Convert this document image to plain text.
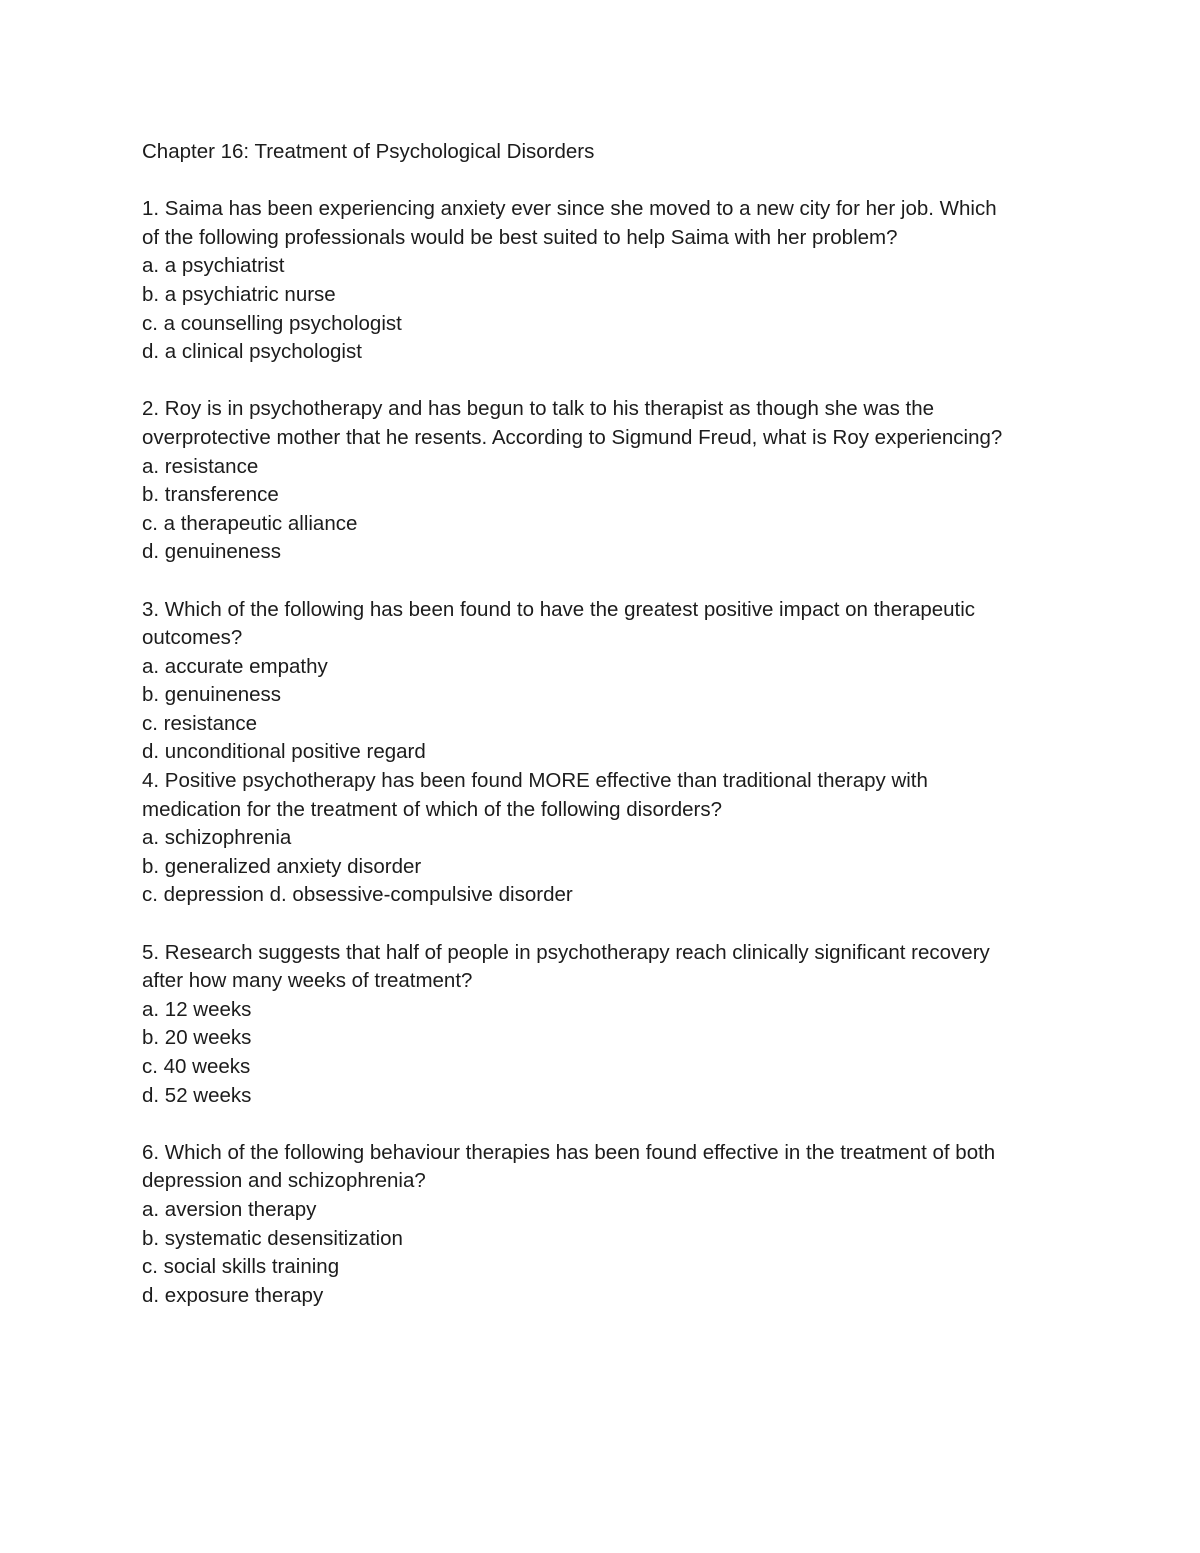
Chapter 16: Treatment of Psychological Disorders
1. Saima has been experiencing anxiety ever since she moved to a new city for her job. Which
of the following professionals would be best suited to help Saima with her problem?
a. a psychiatrist
b. a psychiatric nurse
c. a counselling psychologist
d. a clinical psychologist
2. Roy is in psychotherapy and has begun to talk to his therapist as though she was the
overprotective mother that he resents. According to Sigmund Freud, what is Roy experiencing?
a. resistance
b. transference
c. a therapeutic alliance
d. genuineness
3. Which of the following has been found to have the greatest positive impact on therapeutic
outcomes?
a. accurate empathy
b. genuineness
c. resistance
d. unconditional positive regard
4. Positive psychotherapy has been found MORE effective than traditional therapy with
medication for the treatment of which of the following disorders?
a. schizophrenia
b. generalized anxiety disorder
c. depression d. obsessive-compulsive disorder
5. Research suggests that half of people in psychotherapy reach clinically significant recovery
after how many weeks of treatment?
a. 12 weeks
b. 20 weeks
c. 40 weeks
d. 52 weeks
6. Which of the following behaviour therapies has been found effective in the treatment of both
depression and schizophrenia?
a. aversion therapy
b. systematic desensitization
c. social skills training
d. exposure therapy
